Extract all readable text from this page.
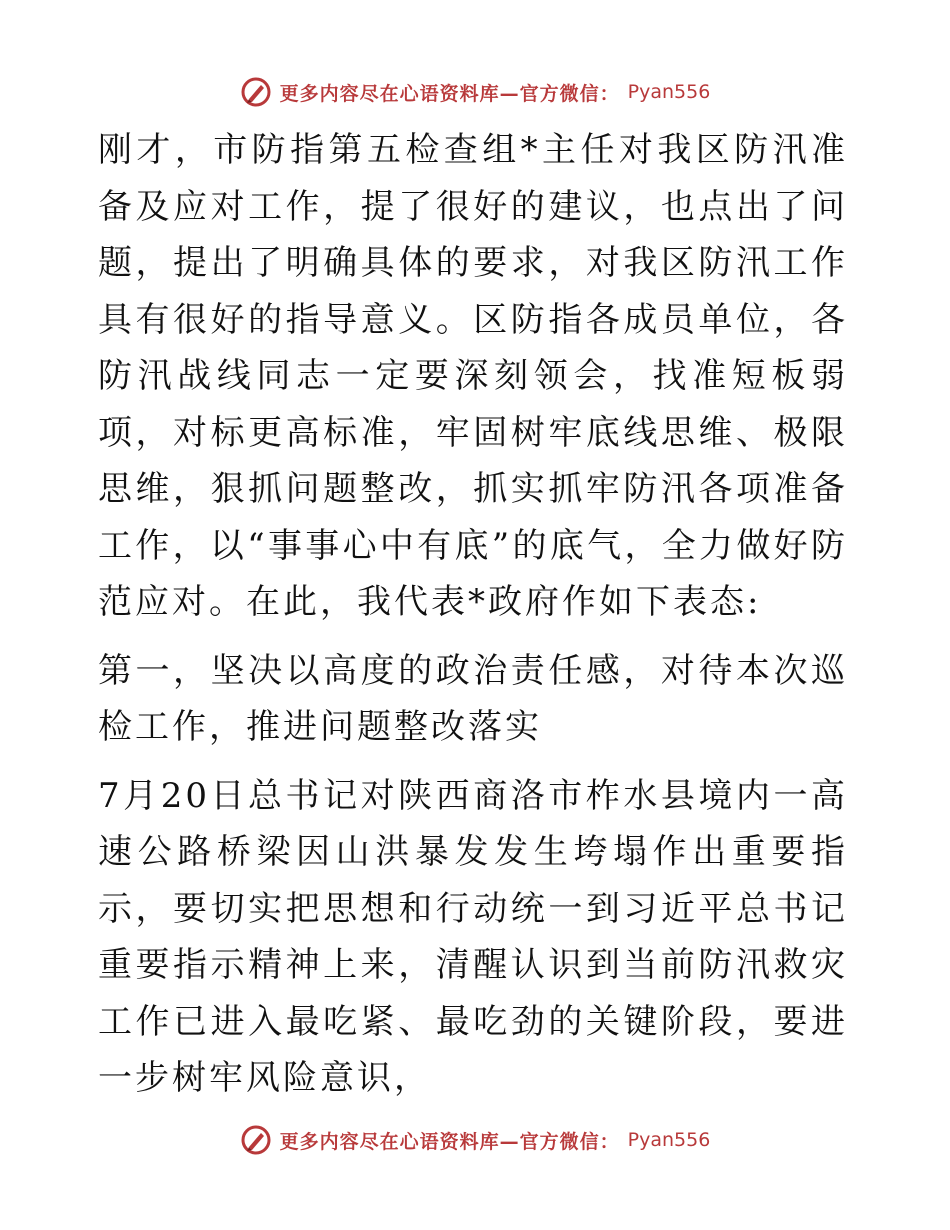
更多内容尽在心语资料库—官方微信： Pyan556

刚才，市防指第五检查组*主任对我区防汛准备及应对工作，提了很好的建议，也点出了问题，提出了明确具体的要求，对我区防汛工作具有很好的指导意义。区防指各成员单位，各防汛战线同志一定要深刻领会，找准短板弱项，对标更高标准，牢固树牢底线思维、极限思维，狠抓问题整改，抓实抓牢防汛各项准备工作，以“事事心中有底”的底气，全力做好防范应对。在此，我代表*政府作如下表态:

第一，坚决以高度的政治责任感，对待本次巡检工作，推进问题整改落实

7月20日总书记对陕西商洛市柞水县境内一高速公路桥梁因山洪暴发发生垮塌作出重要指示，要切实把思想和行动统一到习近平总书记重要指示精神上来，清醒认识到当前防汛救灾工作已进入最吃紧、最吃劲的关键阶段，要进一步树牢风险意识，

更多内容尽在心语资料库—官方微信： Pyan556
